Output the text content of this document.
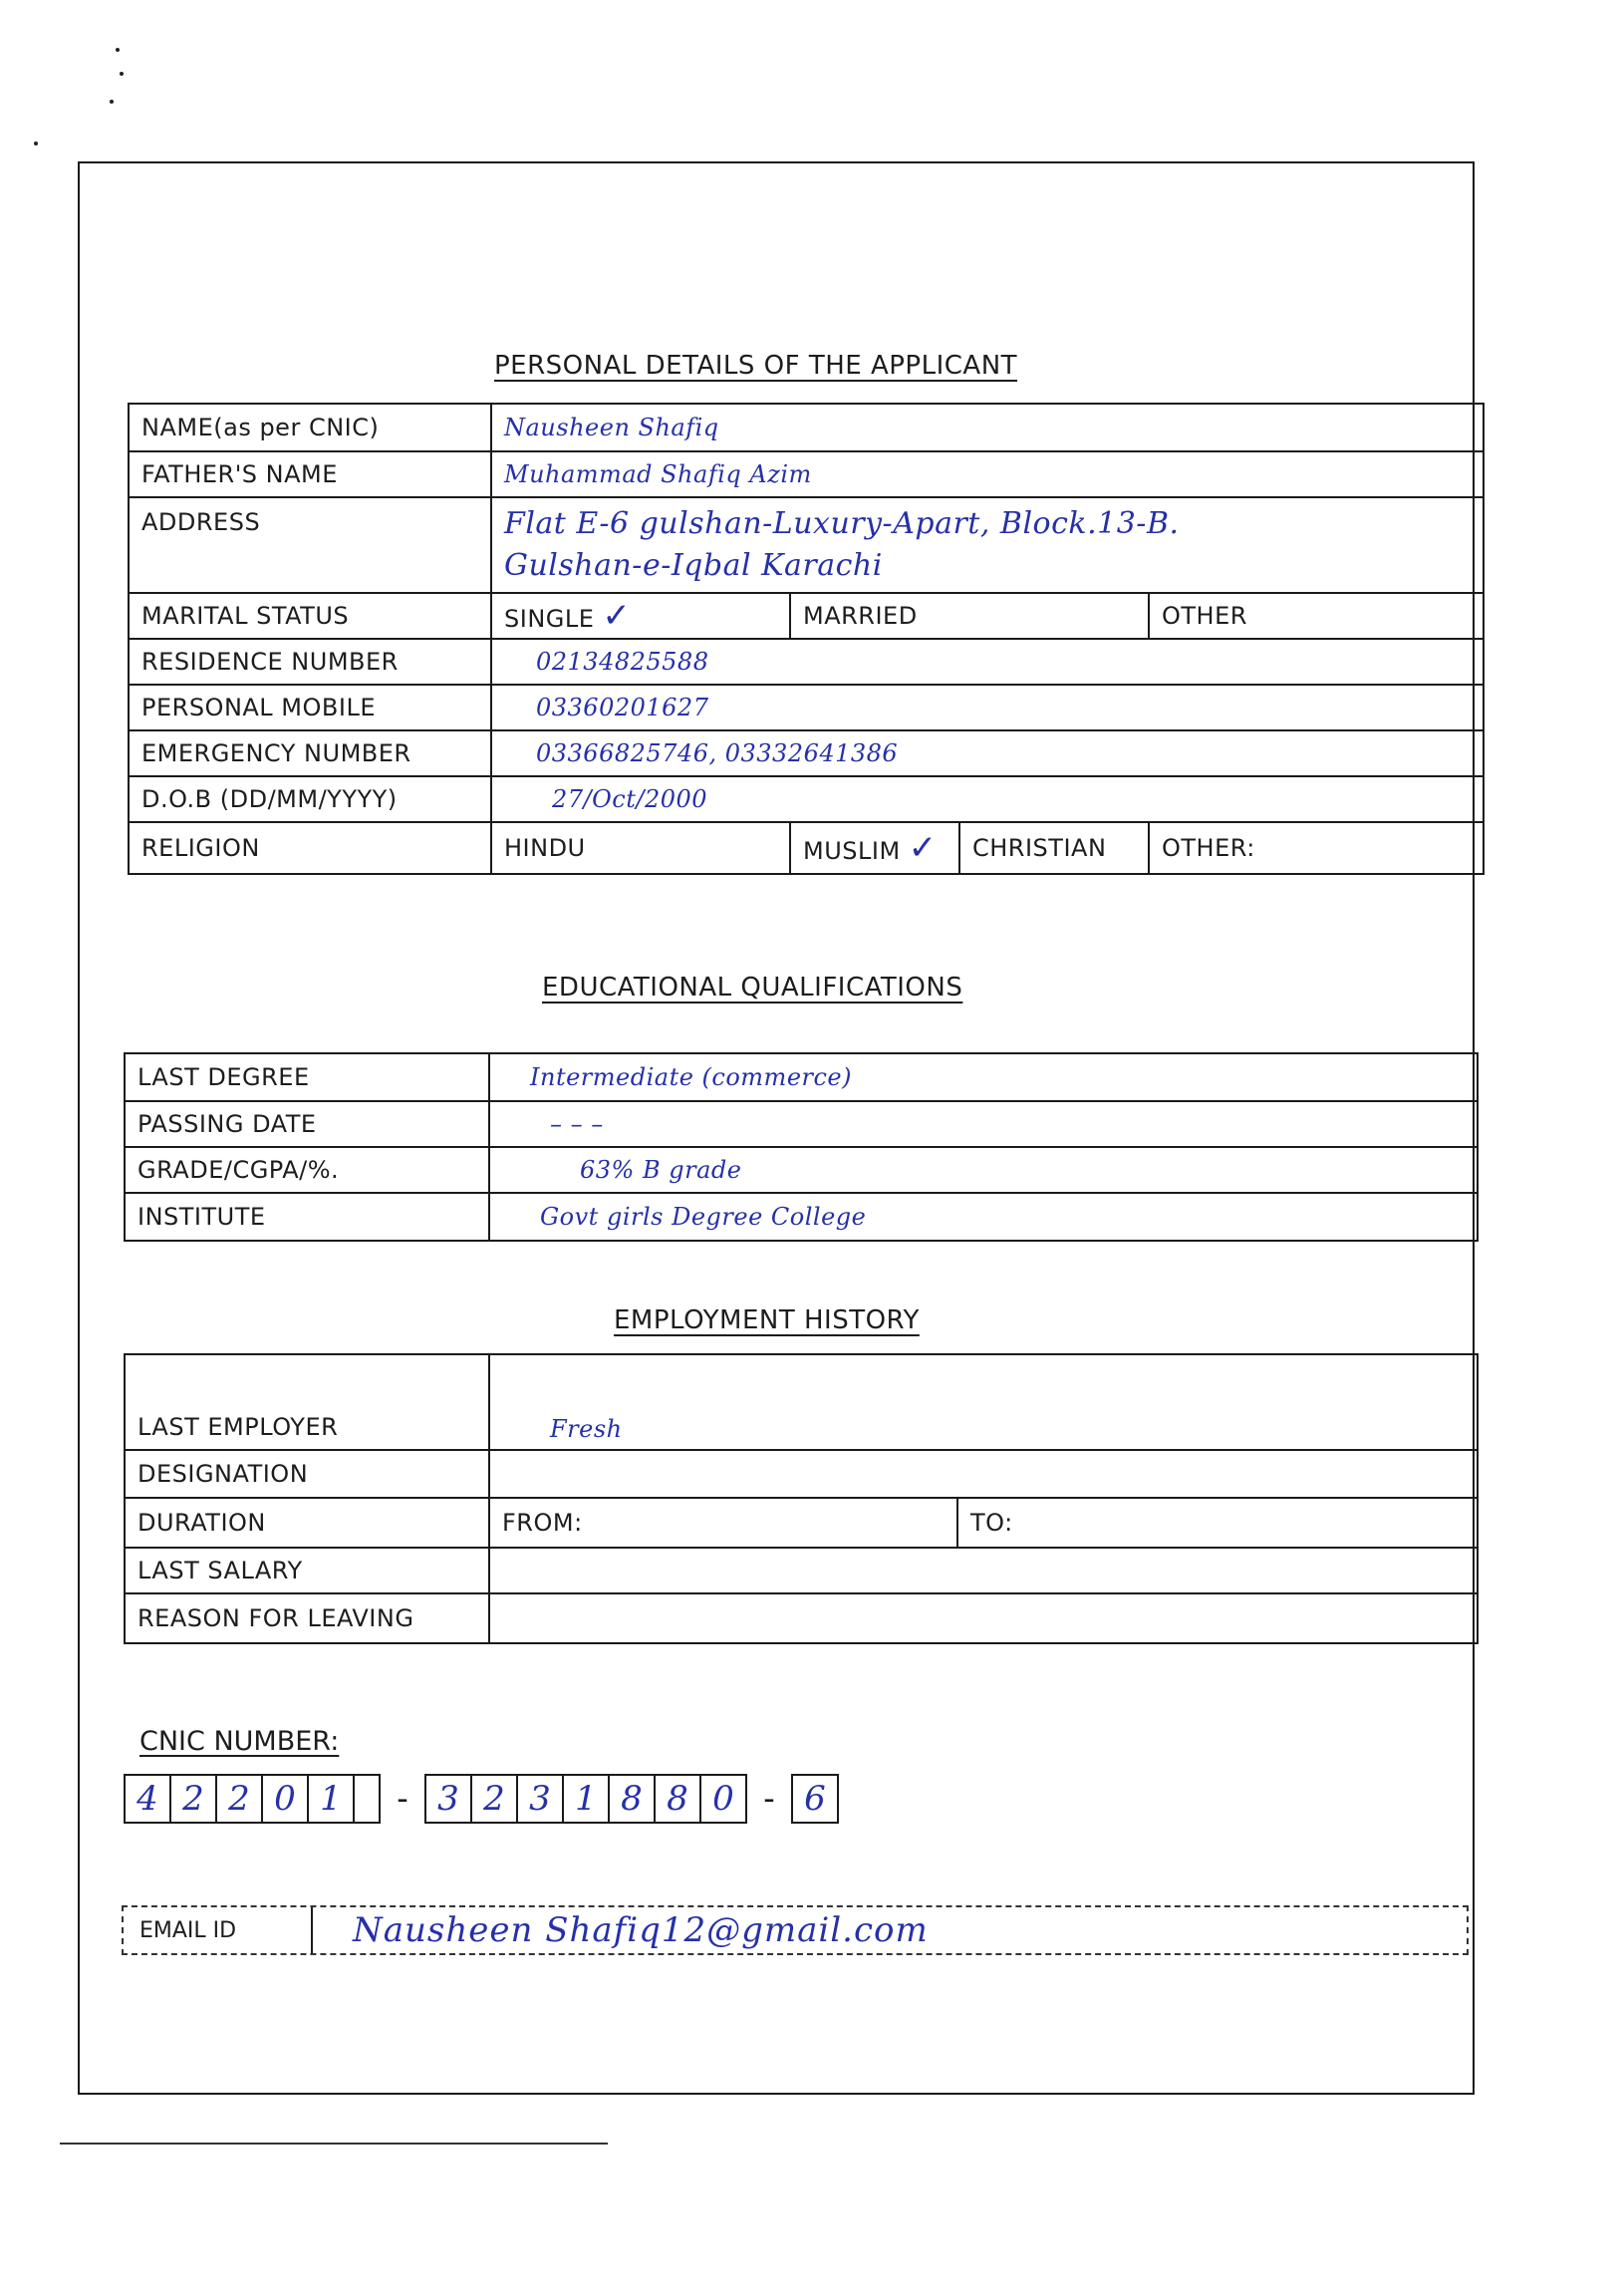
PERSONAL DETAILS OF THE APPLICANT
NAME(as per CNIC)	Nausheen Shafiq			
FATHER'S NAME	Muhammad Shafiq Azim			
ADDRESS	Flat E-6 gulshan-Luxury-Apart, Block.13-B.
Gulshan-e-Iqbal Karachi			

MARITAL STATUS	SINGLE ✓	MARRIED		OTHER
RESIDENCE NUMBER	02134825588			
PERSONAL MOBILE	03360201627			
EMERGENCY NUMBER	03366825746, 03332641386			
D.O.B (DD/MM/YYYY)	27/Oct/2000			
RELIGION	HINDU	MUSLIM ✓	CHRISTIAN	OTHER:
EDUCATIONAL QUALIFICATIONS
LAST DEGREE	Intermediate (commerce)
PASSING DATE	– – –
GRADE/CGPA/%.	63% B grade
INSTITUTE	Govt girls Degree College
EMPLOYMENT HISTORY
LAST EMPLOYER	Fresh	
DESIGNATION		
DURATION	FROM:	TO:
LAST SALARY		
REASON FOR LEAVING		
CNIC NUMBER:
4 2 2 0 1	- 3 2 3 1 8 8 0 - 6
EMAIL ID	Nausheen Shafiq12@gmail.com
